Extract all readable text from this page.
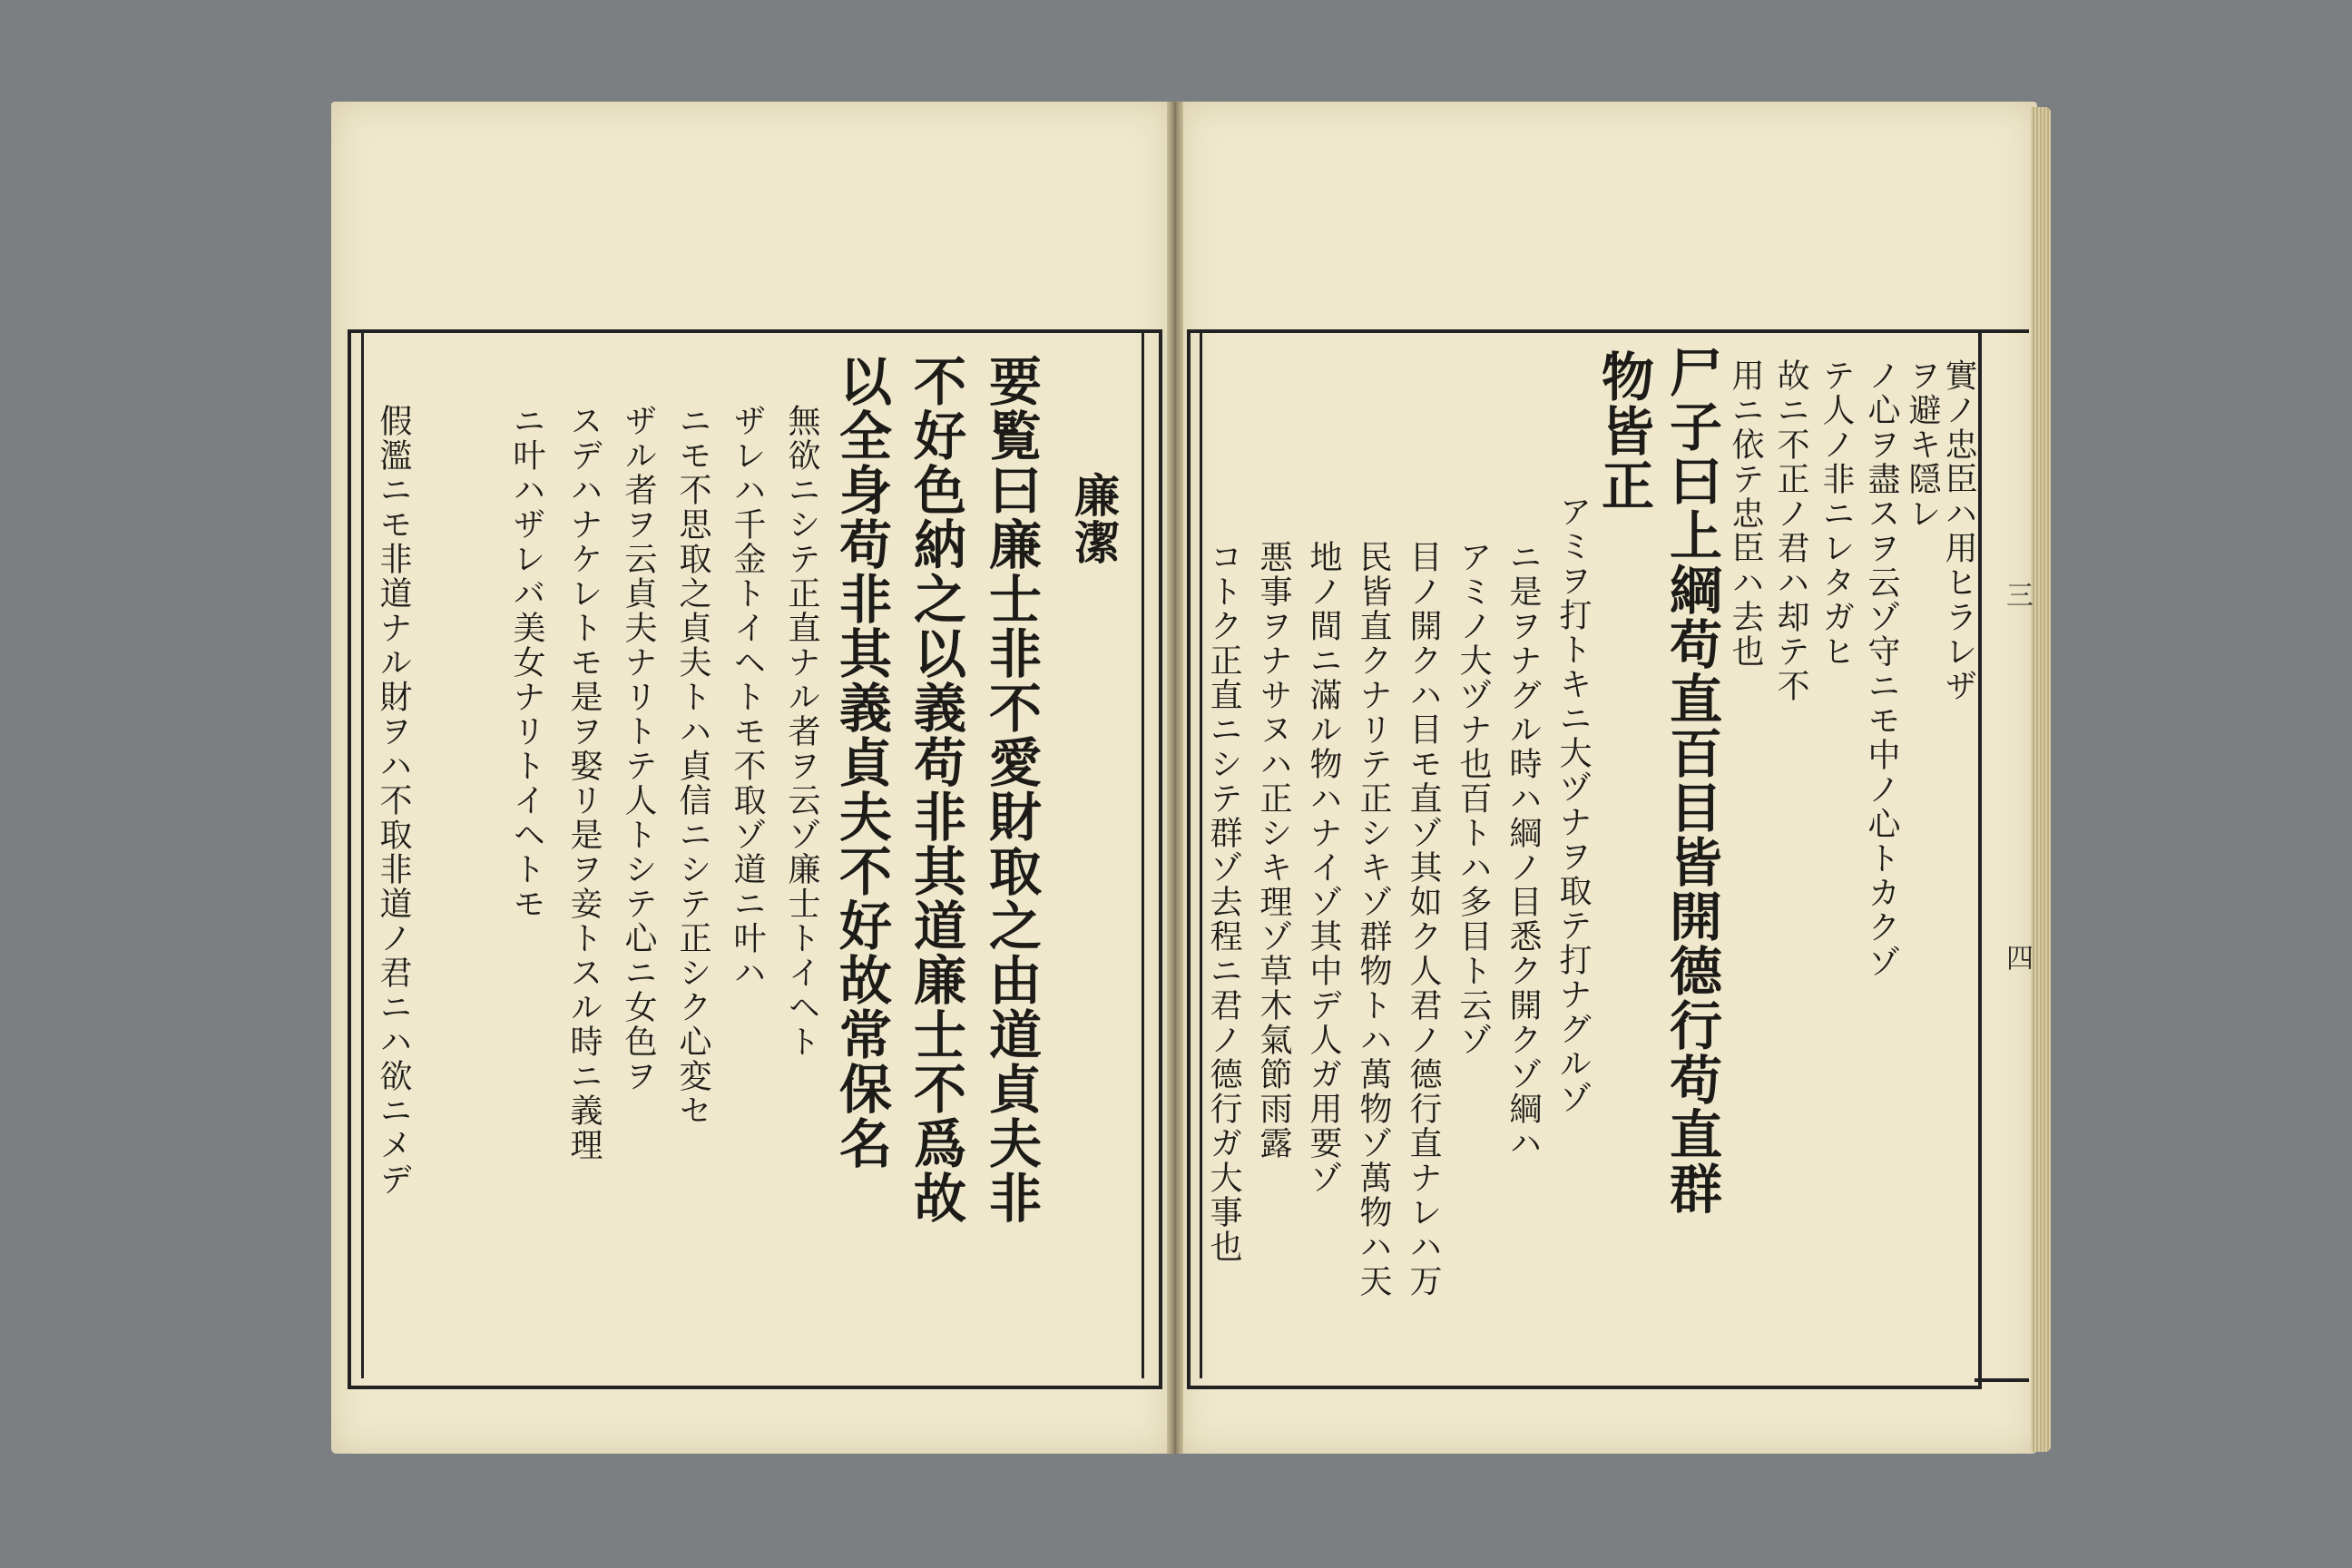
廉潔
要覧曰廉士非不愛財取之由道貞夫非
不好色納之以義苟非其道廉士不爲故
以全身苟非其義貞夫不好故常保名
無欲ニシテ正直ナル者ヲ云ゾ廉士トイヘト
ザレハ千金トイヘトモ不取ゾ道ニ叶ハ
ニモ不思取之貞夫トハ貞信ニシテ正シク心変セ
ザル者ヲ云貞夫ナリトテ人トシテ心ニ女色ヲ
スデハナケレトモ是ヲ娶リ是ヲ妾トスル時ニ義理
ニ叶ハザレバ美女ナリトイヘトモ
假濫ニモ非道ナル財ヲハ不取非道ノ君ニハ欲ニメデ	實ノ忠臣ハ用ヒラレザ
ヲ避キ隠レ
ノ心ヲ盡スヲ云ゾ守ニモ中ノ心トカクゾ
テ人ノ非ニレタガヒ
故ニ不正ノ君ハ却テ不
用ニ依テ忠臣ハ去也
尸子曰上綱苟直百目皆開德行苟直群
物皆正
アミヲ打トキニ大ヅナヲ取テ打ナグルゾ
ニ是ヲナグル時ハ綱ノ目悉ク開クゾ綱ハ
アミノ大ヅナ也百トハ多目ト云ゾ
目ノ開クハ目モ直ゾ其如ク人君ノ德行直ナレハ万
民皆直クナリテ正シキゾ群物トハ萬物ゾ萬物ハ天
地ノ間ニ滿ル物ハナイゾ其中デ人ガ用要ゾ
悪事ヲナサヌハ正シキ理ゾ草木氣節雨露	三
四
コトク正直ニシテ群ゾ去程ニ君ノ德行ガ大事也
